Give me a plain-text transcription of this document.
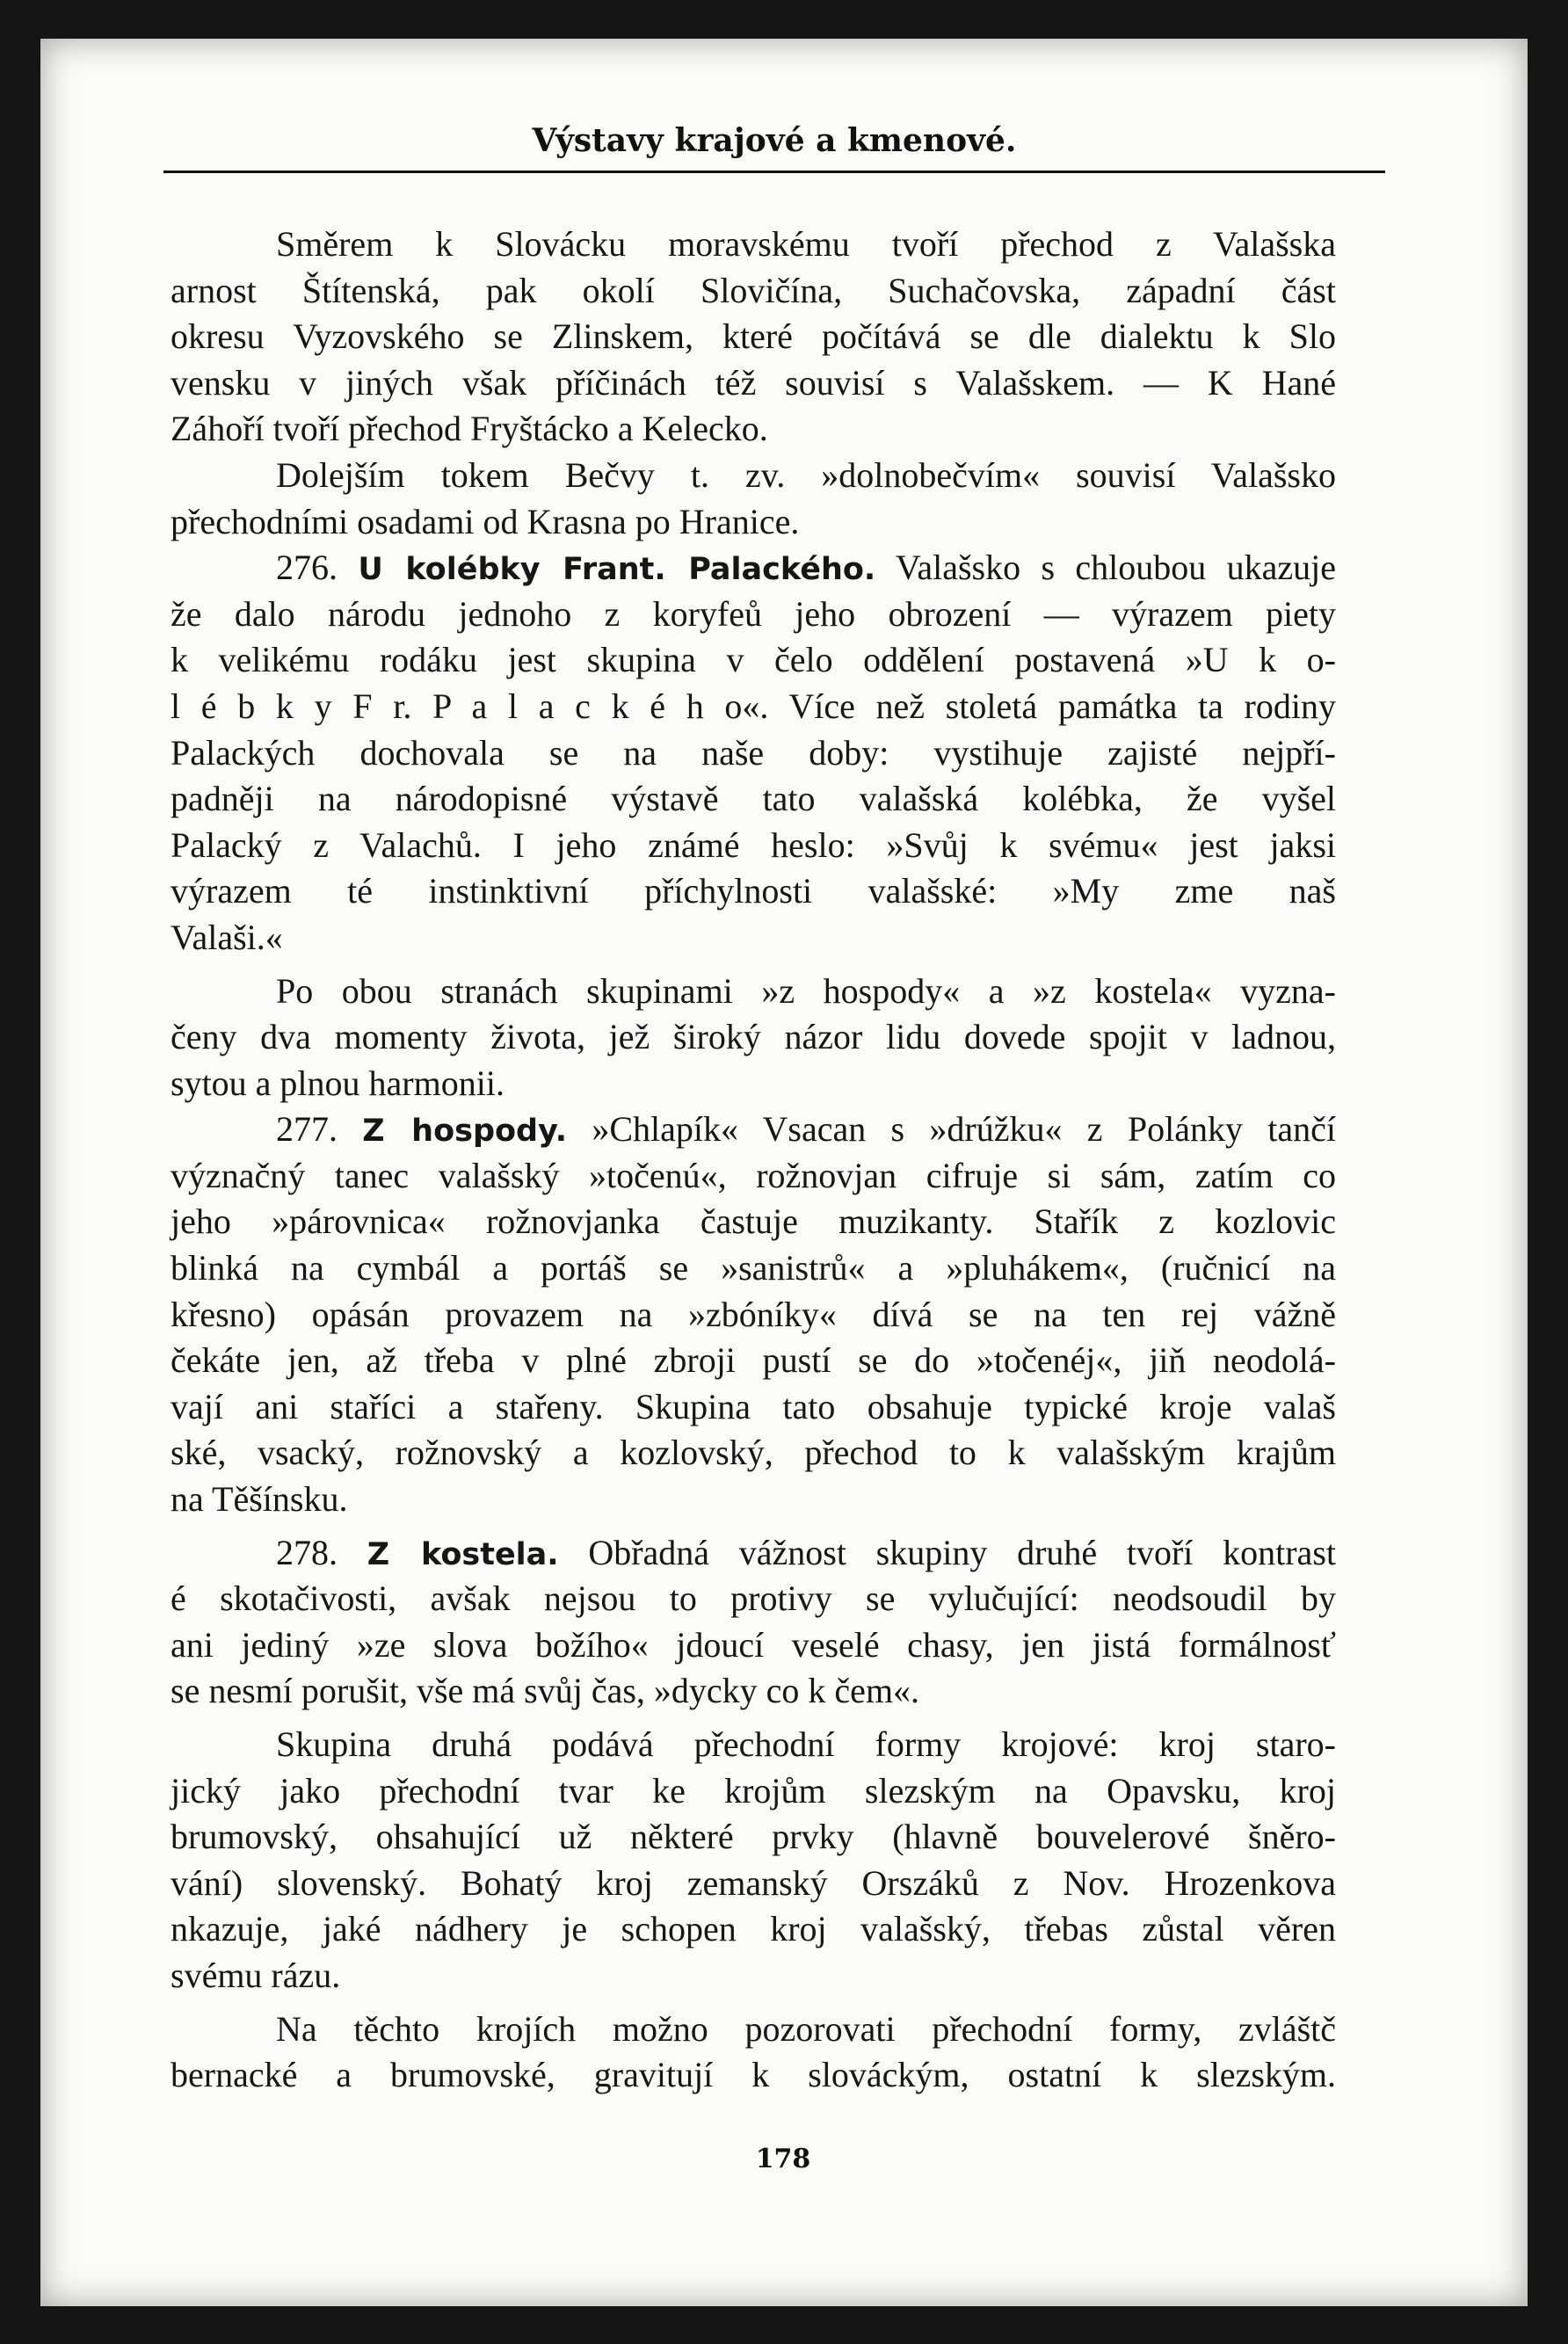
Výstavy krajové a kmenové.
Směrem k Slovácku moravskému tvoří přechod z Valašska
arnost Štítenská, pak okolí Slovičína, Suchačovska, západní část
okresu Vyzovského se Zlinskem, které počítává se dle dialektu k Slo
vensku v jiných však příčinách též souvisí s Valašskem. — K Hané
Záhoří tvoří přechod Fryštácko a Kelecko.
Dolejším tokem Bečvy t. zv. »dolnobečvím« souvisí Valašsko
přechodními osadami od Krasna po Hranice.
276. U kolébky Frant. Palackého. Valašsko s chloubou ukazuje
že dalo národu jednoho z koryfeů jeho obrození — výrazem piety
k velikému rodáku jest skupina v čelo oddělení postavená »U k o-
l é b k y F r. P a l a c k é h o«. Více než stoletá památka ta rodiny
Palackých dochovala se na naše doby: vystihuje zajisté nejpří-
padněji na národopisné výstavě tato valašská kolébka, že vyšel
Palacký z Valachů. I jeho známé heslo: »Svůj k svému« jest jaksi
výrazem té instinktivní příchylnosti valašské: »My zme naš
Valaši.«
Po obou stranách skupinami »z hospody« a »z kostela« vyzna-
čeny dva momenty života, jež široký názor lidu dovede spojit v ladnou,
sytou a plnou harmonii.
277. Z hospody. »Chlapík« Vsacan s »drúžku« z Polánky tančí
význačný tanec valašský »točenú«, rožnovjan cifruje si sám, zatím co
jeho »párovnica« rožnovjanka častuje muzikanty. Stařík z kozlovic
blinká na cymbál a portáš se »sanistrů« a »pluhákem«, (ručnicí na
křesno) opásán provazem na »zbóníky« dívá se na ten rej vážně
čekáte jen, až třeba v plné zbroji pustí se do »točenéj«, jiň neodolá-
vají ani staříci a stařeny. Skupina tato obsahuje typické kroje valaš
ské, vsacký, rožnovský a kozlovský, přechod to k valašským krajům
na Těšínsku.
278. Z kostela. Obřadná vážnost skupiny druhé tvoří kontrast
é skotačivosti, avšak nejsou to protivy se vylučující: neodsoudil by
ani jediný »ze slova božího« jdoucí veselé chasy, jen jistá formálnosť
se nesmí porušit, vše má svůj čas, »dycky co k čem«.
Skupina druhá podává přechodní formy krojové: kroj staro-
jický jako přechodní tvar ke krojům slezským na Opavsku, kroj
brumovský, ohsahující už některé prvky (hlavně bouvelerové šněro-
vání) slovenský. Bohatý kroj zemanský Orszáků z Nov. Hrozenkova
nkazuje, jaké nádhery je schopen kroj valašský, třebas zůstal věren
svému rázu.
Na těchto krojích možno pozorovati přechodní formy, zvláštč
bernacké a brumovské, gravitují k slováckým, ostatní k slezským.
178
